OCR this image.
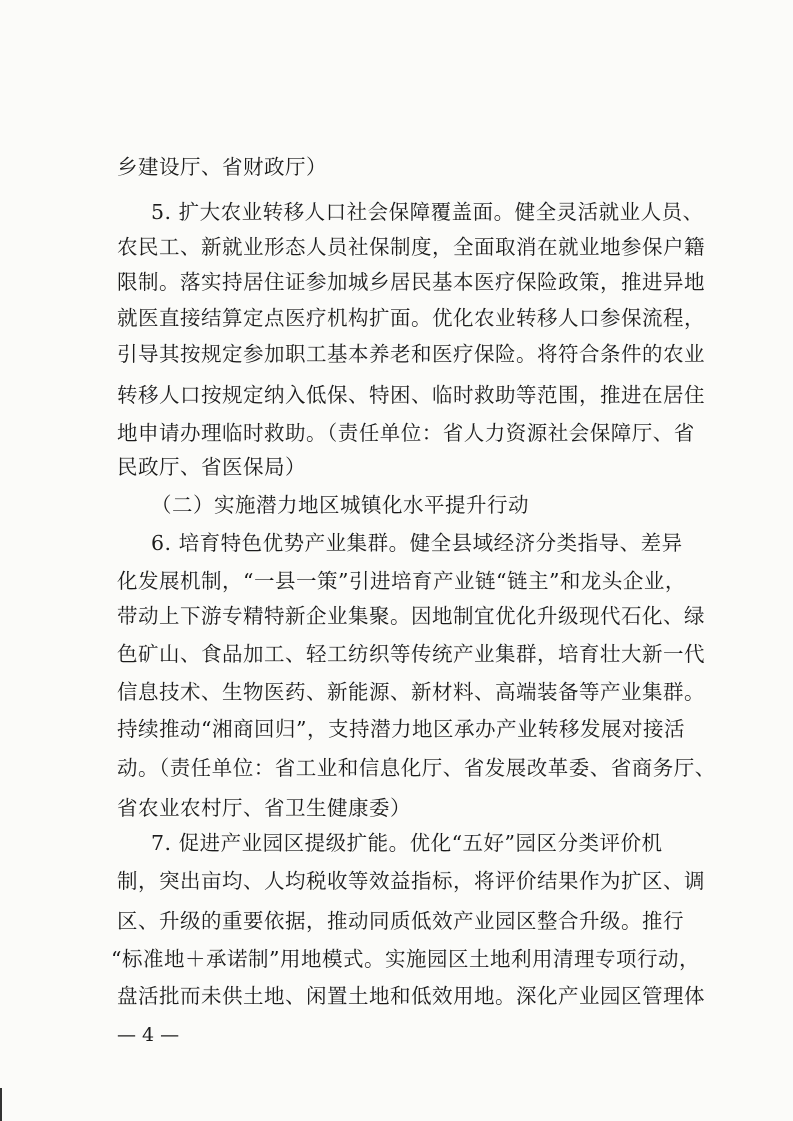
乡建设厅、省财政厅）
5. 扩大农业转移人口社会保障覆盖面。健全灵活就业人员、
农民工、新就业形态人员社保制度，全面取消在就业地参保户籍
限制。落实持居住证参加城乡居民基本医疗保险政策，推进异地
就医直接结算定点医疗机构扩面。优化农业转移人口参保流程，
引导其按规定参加职工基本养老和医疗保险。将符合条件的农业
转移人口按规定纳入低保、特困、临时救助等范围，推进在居住
地申请办理临时救助。（责任单位：省人力资源社会保障厅、省
民政厅、省医保局）
（二）实施潜力地区城镇化水平提升行动
6. 培育特色优势产业集群。健全县域经济分类指导、差异
化发展机制，“一县一策”引进培育产业链“链主”和龙头企业，
带动上下游专精特新企业集聚。因地制宜优化升级现代石化、绿
色矿山、食品加工、轻工纺织等传统产业集群，培育壮大新一代
信息技术、生物医药、新能源、新材料、高端装备等产业集群。
持续推动“湘商回归”，支持潜力地区承办产业转移发展对接活
动。（责任单位：省工业和信息化厅、省发展改革委、省商务厅、
省农业农村厅、省卫生健康委）
7. 促进产业园区提级扩能。优化“五好”园区分类评价机
制，突出亩均、人均税收等效益指标，将评价结果作为扩区、调
区、升级的重要依据，推动同质低效产业园区整合升级。推行
“标准地＋承诺制”用地模式。实施园区土地利用清理专项行动，
盘活批而未供土地、闲置土地和低效用地。深化产业园区管理体
— 4 —
